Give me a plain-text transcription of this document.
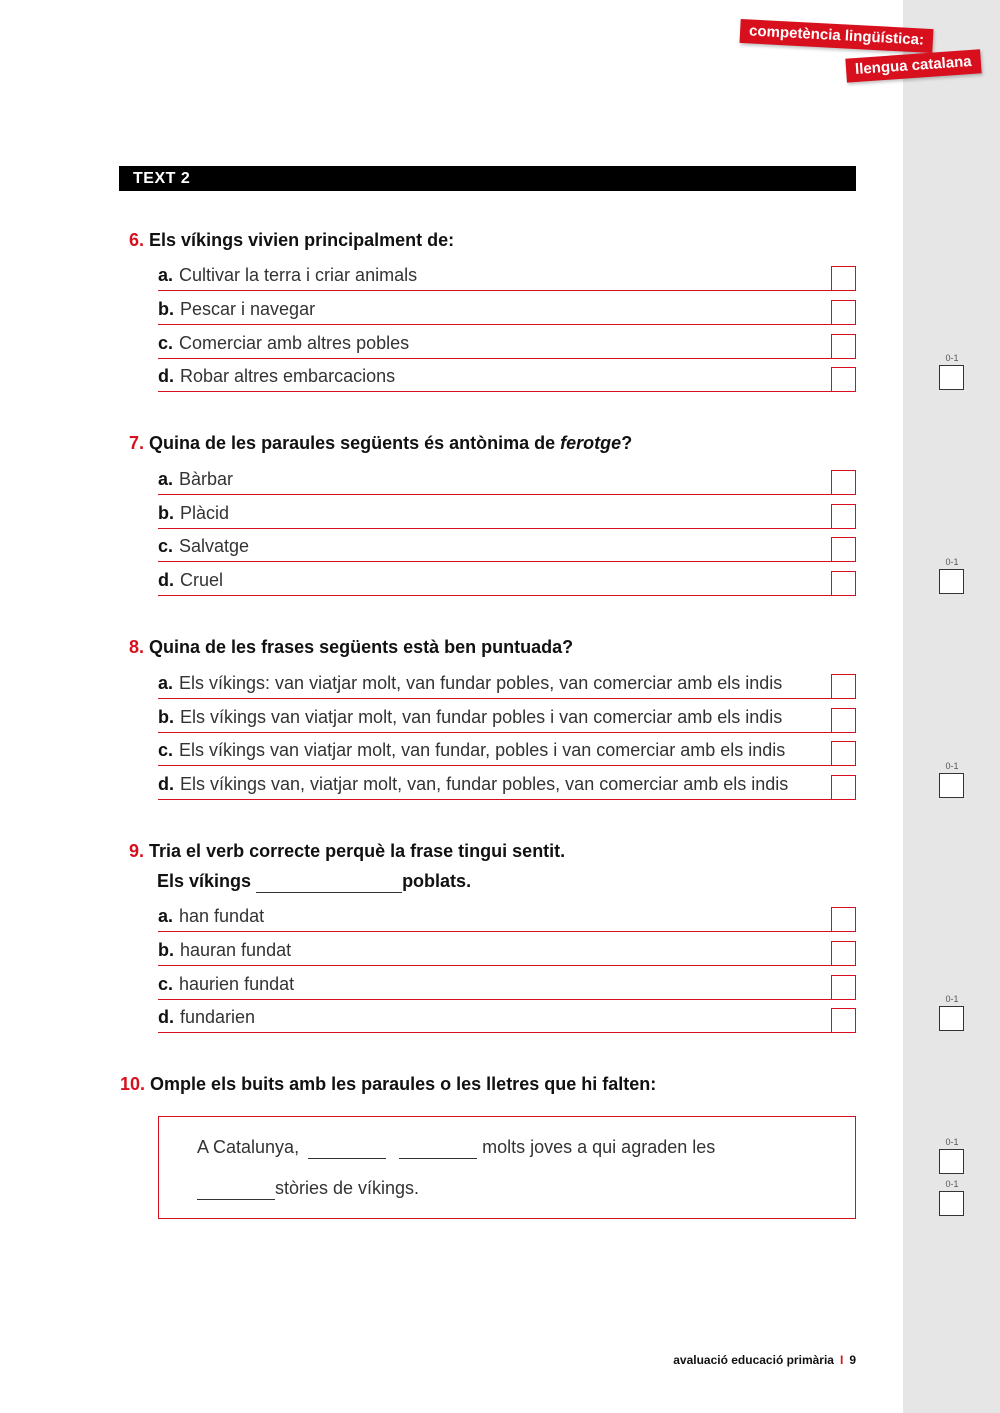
competència lingüística:
llengua catalana
TEXT 2
6. Els víkings vivien principalment de:
a. Cultivar la terra i criar animals
b. Pescar i navegar
c. Comerciar amb altres pobles
d. Robar altres embarcacions
0-1
7. Quina de les paraules següents és antònima de ferotge?
a. Bàrbar
b. Plàcid
c. Salvatge
d. Cruel
0-1
8. Quina de les frases següents està ben puntuada?
a. Els víkings: van viatjar molt, van fundar pobles, van comerciar amb els indis
b. Els víkings van viatjar molt, van fundar pobles i van comerciar amb els indis
c. Els víkings van viatjar molt, van fundar, pobles i van comerciar amb els indis
d. Els víkings van, viatjar molt, van, fundar pobles, van comerciar amb els indis
0-1
9. Tria el verb correcte perquè la frase tingui sentit.
Els víkings	poblats.
a. han fundat
b. hauran fundat
c. haurien fundat
d. fundarien
0-1
10. Omple els buits amb les paraules o les lletres que hi falten:
A Catalunya,	molts joves a qui agraden les
stòries de víkings.
0-1
0-1
avaluació educació primària I 9
